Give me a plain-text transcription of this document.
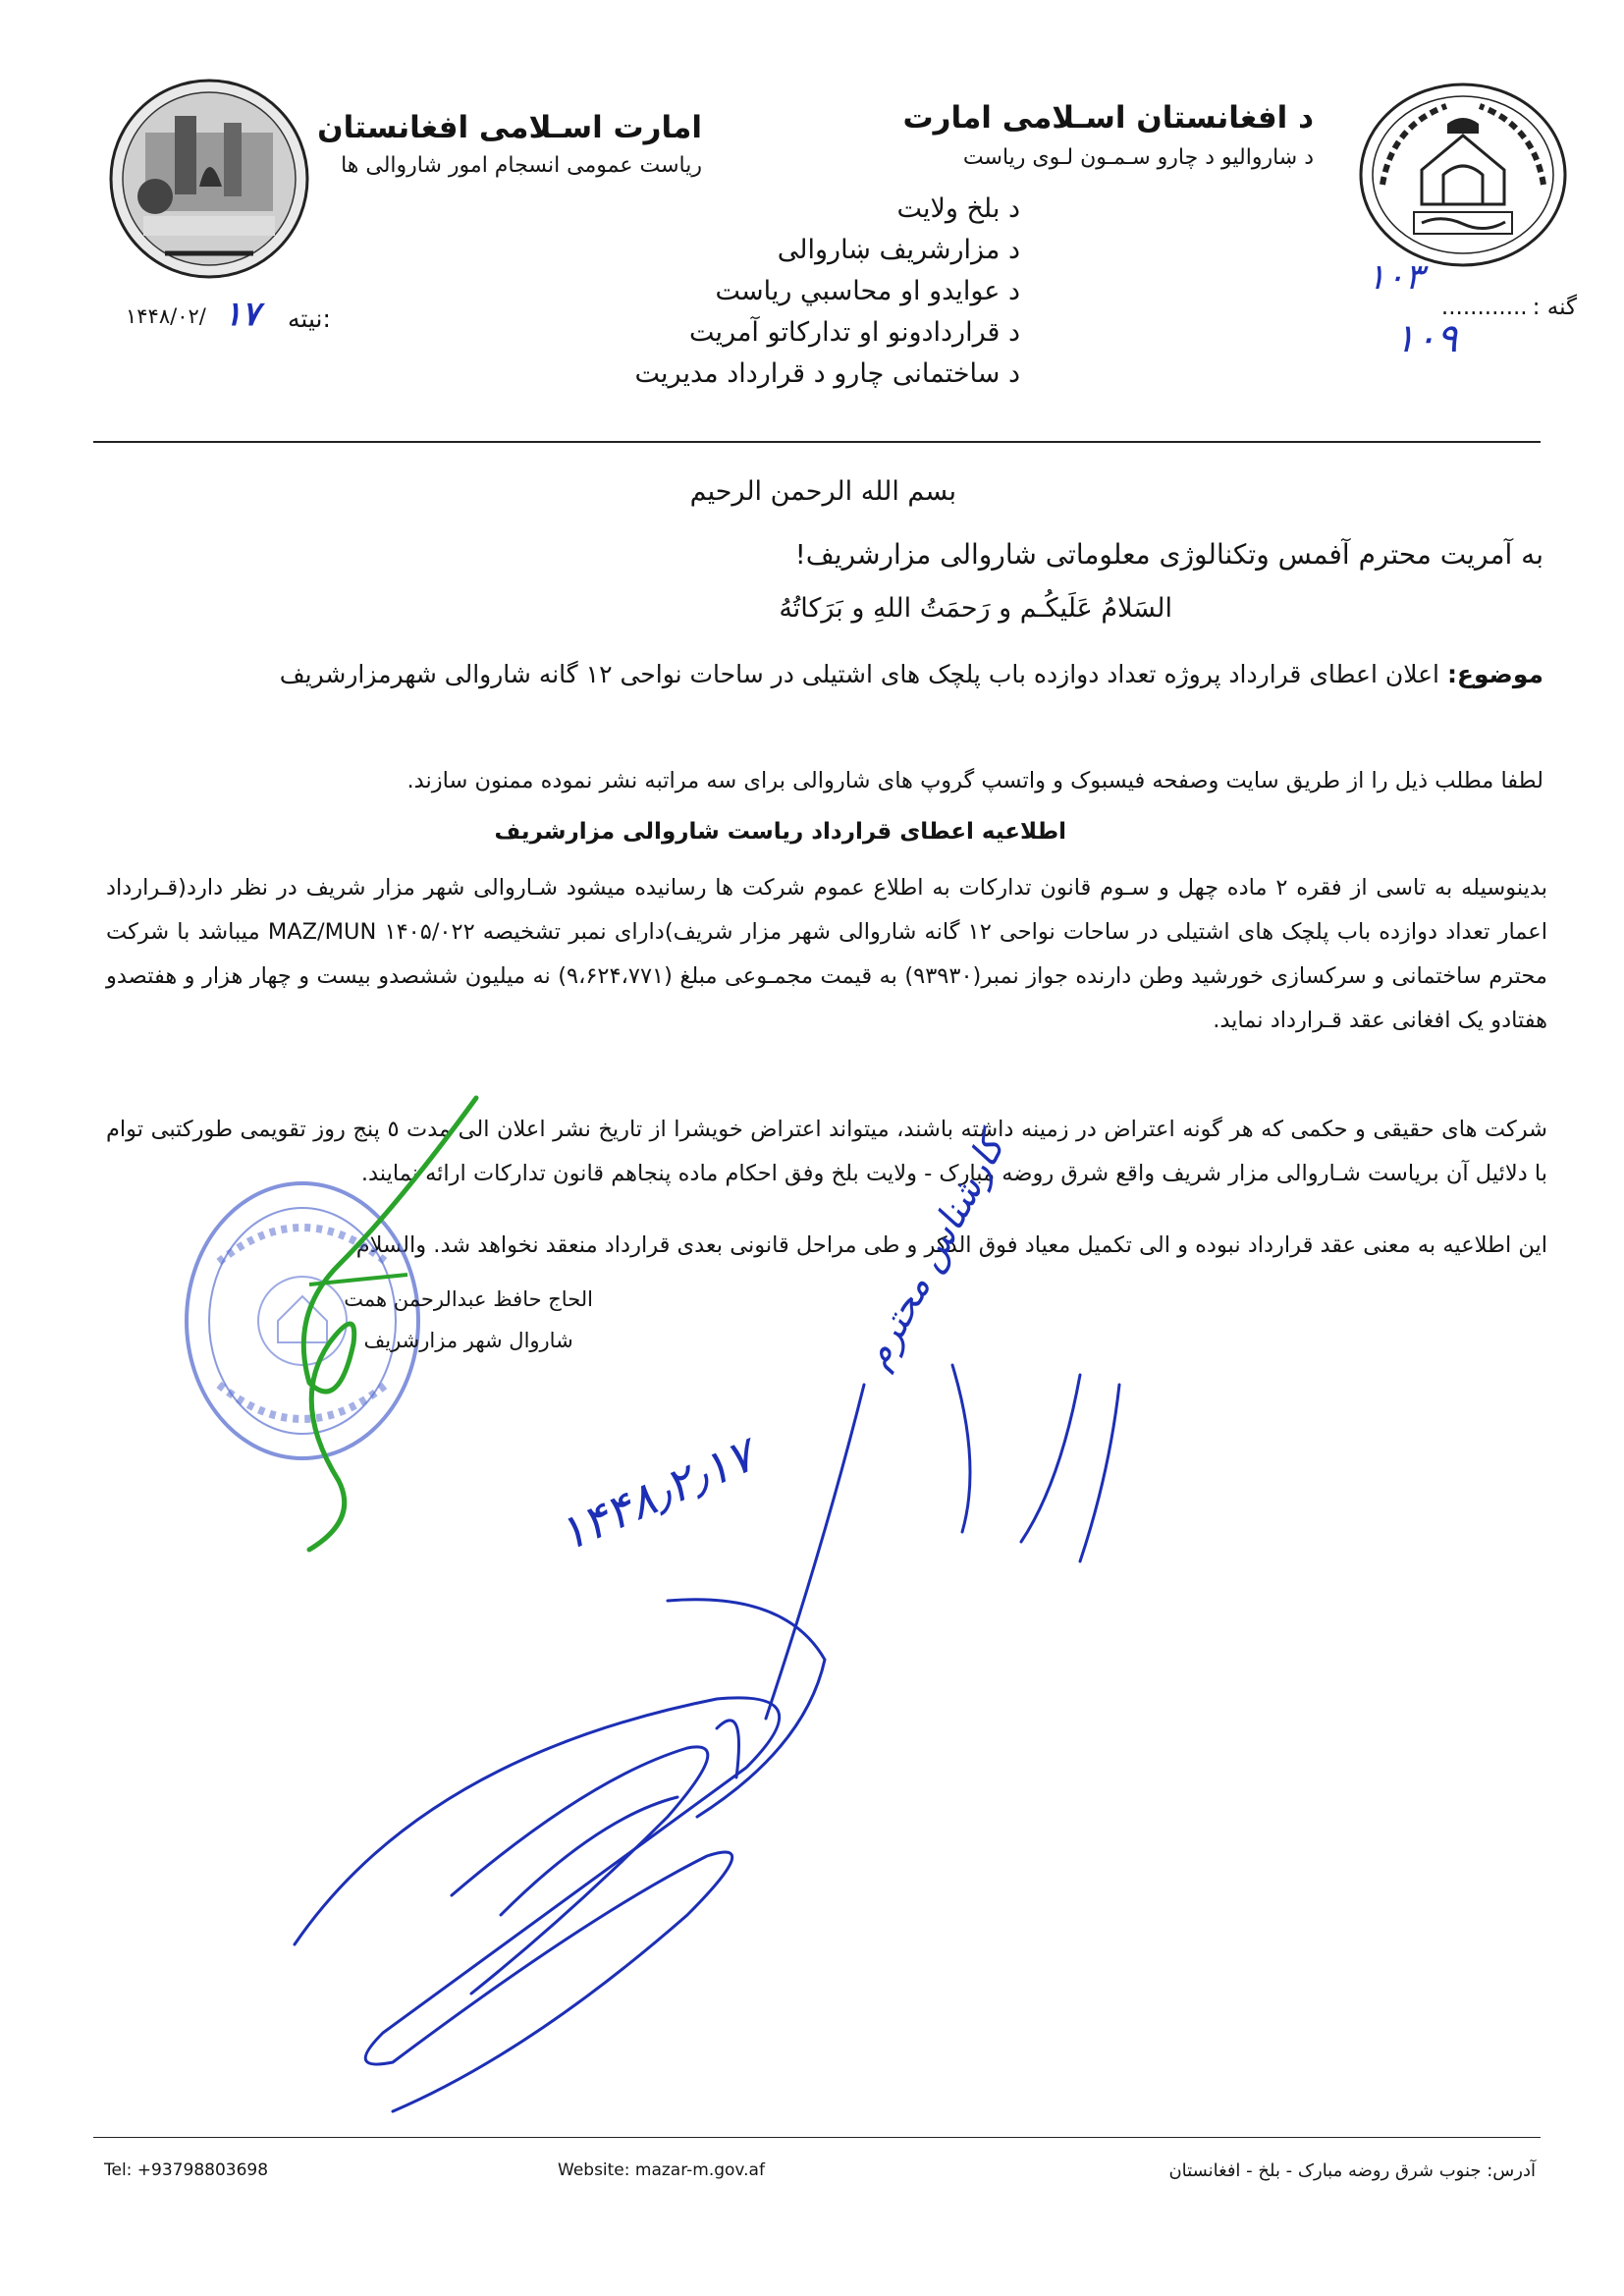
د افغانستان اسـلامی امارت
د ښاروالیو د چارو سـمـون لـوی ریاست
امارت اسـلامی افغانستان
ریاست عمومی انسجام امور شاروالی ها
د بلخ ولایت
د مزارشریف ښاروالی
د عوایدو او محاسبي ریاست
د قراردادونو او تدارکاتو آمریت
د ساختمانی چارو د قرارداد مدیریت
گنه : ............
۱۰۳
۱۰۹
۱۴۴۸/۰۲/ ۱۷ نیته:
بسم الله الرحمن الرحیم
به آمریت محترم آفمس وتکنالوژی معلوماتی شاروالی مزارشریف!
السَلامُ عَلَیکُـم و رَحمَتُ اللهِ و بَرَکاتُهُ
موضوع: اعلان اعطای قرارداد پروژه تعداد دوازده باب پلچک های اشتیلی در ساحات نواحی ۱۲ گانه شاروالی شهرمزارشریف
لطفا مطلب ذیل را از طریق سایت وصفحه فیسبوک و واتسپ گروپ های شاروالی برای سه مراتبه نشر نموده ممنون سازند.
اطلاعیه اعطای قرارداد ریاست شاروالی مزارشریف
بدینوسیله به تاسی از فقره ۲ ماده چهل و سـوم قانون تدارکات به اطلاع عموم شرکت ها رسانیده میشود شـاروالی شهر مزار شریف در نظر دارد(قـرارداد اعمار تعداد دوازده باب پلچک های اشتیلی در ساحات نواحی ۱۲ گانه شاروالی شهر مزار شریف)دارای نمبر تشخیصه MAZ/MUN ۱۴۰۵/۰۲۲ میباشد با شرکت محترم ساختمانی و سرکسازی خورشید وطن دارنده جواز نمبر(۹۳۹۳۰) به قیمت مجمـوعی مبلغ (۹،۶۲۴،۷۷۱) نه میلیون ششصدو بیست و چهار هزار و هفتصدو هفتادو یک افغانی عقد قـرارداد نماید.
شرکت های حقیقی و حکمی که هر گونه اعتراض در زمینه داشته باشند، میتواند اعتراض خویشرا از تاریخ نشر اعلان الی مدت ٥ پنج روز تقویمی طورکتبی توام با دلائیل آن بریاست شـاروالی مزار شریف واقع شرق روضه مبارک - ولایت بلخ وفق احکام ماده پنجاهم قانون تدارکات ارائه نمایند.
این اطلاعیه به معنی عقد قرارداد نبوده و الی تکمیل معیاد فوق الذکر و طی مراحل قانونی بعدی قرارداد منعقد نخواهد شد. والسلام
الحاج حافظ عبدالرحمن همت
شاروال شهر مزارشریف
۱۴۴۸٫۲٫۱۷
کارشناس محترم
Tel: +93798803698	Website: mazar-m.gov.af	آدرس: جنوب شرق روضه مبارک - بلخ - افغانستان
